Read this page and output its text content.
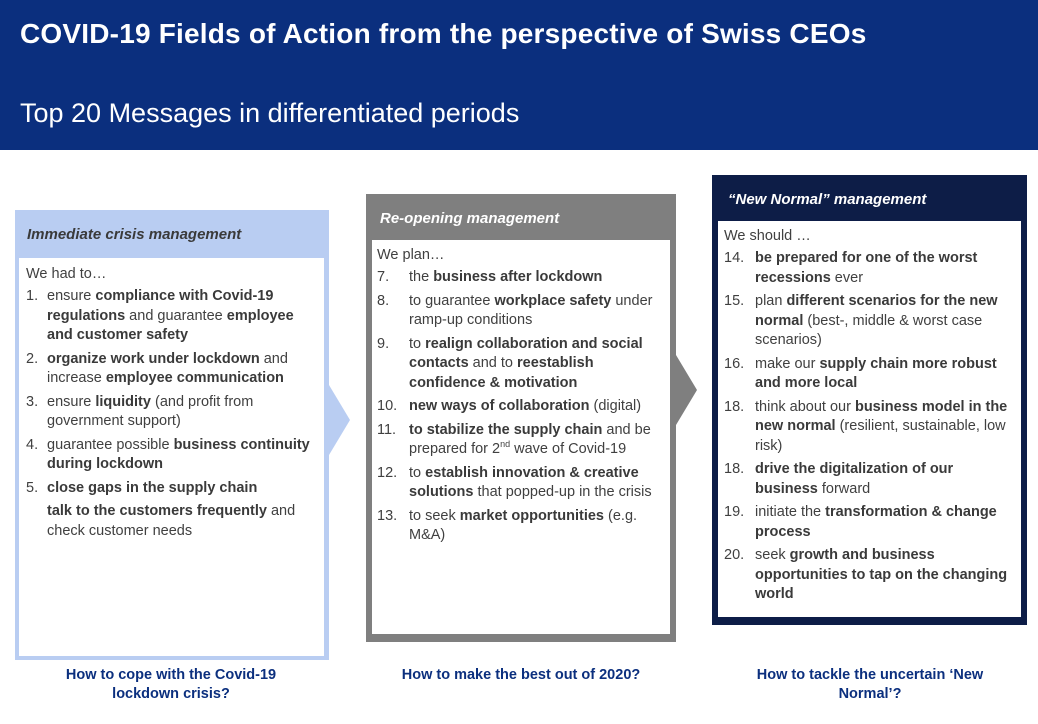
COVID-19 Fields of Action from the perspective of Swiss CEOs
Top 20 Messages in differentiated periods
Immediate crisis management
We had to…
1. ensure compliance with Covid-19 regulations and guarantee employee and customer safety
2. organize work under lockdown and increase employee communication
3. ensure liquidity (and profit from government support)
4. guarantee possible business continuity during lockdown
5. close gaps in the supply chain
talk to the customers frequently and check customer needs
Re-opening management
We plan…
7.	the business after lockdown
8.	to guarantee workplace safety under ramp-up conditions
9.	to realign collaboration and social contacts and to reestablish confidence & motivation
10. new ways of collaboration (digital)
11. to stabilize the supply chain and be prepared for 2nd wave of Covid-19
12. to establish innovation & creative solutions that popped-up in the crisis
13. to seek market opportunities (e.g. M&A)
“New Normal” management
We should …
14. be prepared for one of the worst recessions ever
15. plan different scenarios for the new normal (best-, middle & worst case scenarios)
16. make our supply chain more robust and more local
18. think about our business model in the new normal (resilient, sustainable, low risk)
18. drive the digitalization of our business forward
19. initiate the transformation & change process
20. seek growth and business opportunities to tap on the changing world
How to cope with the Covid-19 lockdown crisis?
How to make the best out of 2020?	How to tackle the uncertain ‘New Normal’?
